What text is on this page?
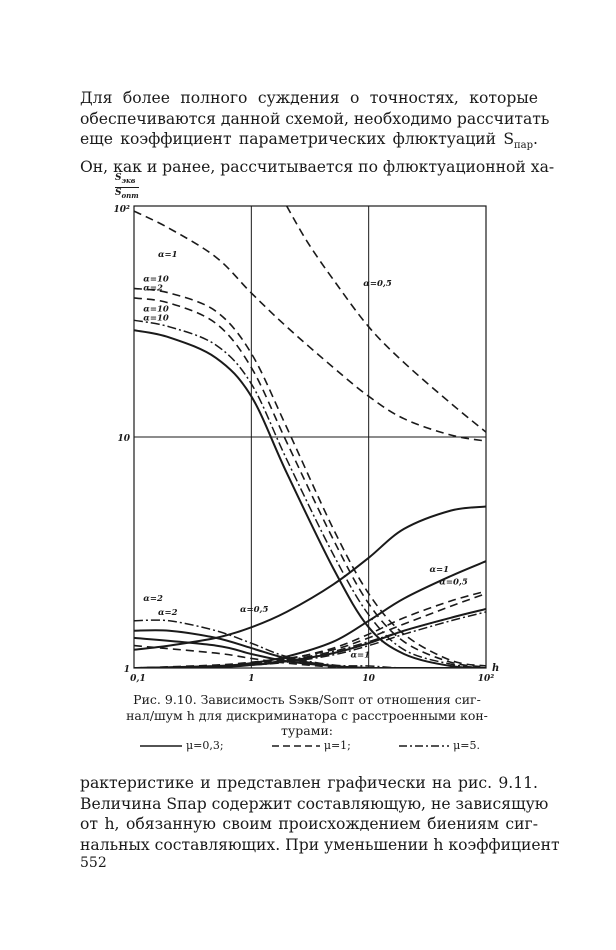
Для более полного суждения о точностях, которые
обеспечиваются данной схемой, необходимо рассчитать
еще коэффициент параметрических флюктуаций $S_{пар}$.
Он, как и ранее, рассчитывается по флюктуационной ха-
$S_{экв}$
$S_{опт}$
0,1	1	10	10²
h
1
10
10²
α=1
α=0,5
α=10
α=2
α=10
α=10
α=2
α=2	α=0,5
α=1
α=1
α=0,5
Рис. 9.10. Зависимость Sэкв/Sопт от отношения сиг-
нал/шум h для дискриминатора с расстроенными кон-
турами:
μ=0,3;	μ=1;	μ=5.
рактеристике и представлен графически на рис. 9.11.
Величина Sпар содержит составляющую, не зависящую
от h, обязанную своим происхождением биениям сиг-
нальных составляющих. При уменьшении h коэффициент
552
